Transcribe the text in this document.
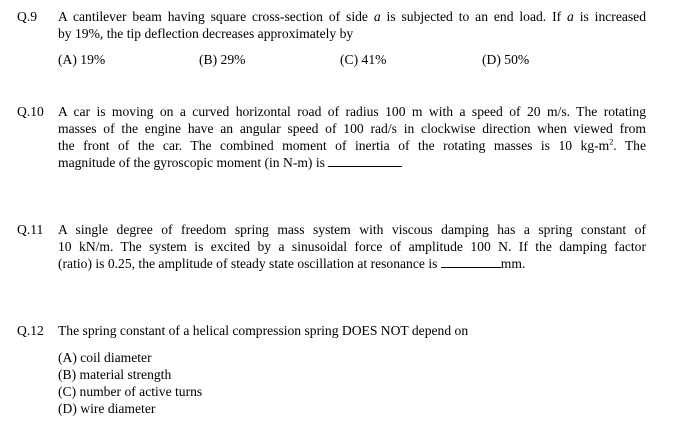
Q.9 A cantilever beam having square cross-section of side a is subjected to an end load. If a is increased
by 19%, the tip deflection decreases approximately by
(A) 19%	(B) 29%	(C) 41%	(D) 50%
Q.10 A car is moving on a curved horizontal road of radius 100 m with a speed of 20 m/s. The rotating
masses of the engine have an angular speed of 100 rad/s in clockwise direction when viewed from
the front of the car. The combined moment of inertia of the rotating masses is 10 $kg-m^2$. The
magnitude of the gyroscopic moment (in N-m) is
Q.11 A single degree of freedom spring mass system with viscous damping has a spring constant of
10 kN/m. The system is excited by a sinusoidal force of amplitude 100 N. If the damping factor
(ratio) is 0.25, the amplitude of steady state oscillation at resonance is	mm.
Q.12 The spring constant of a helical compression spring DOES NOT depend on
(A) coil diameter
(B) material strength
(C) number of active turns
(D) wire diameter
